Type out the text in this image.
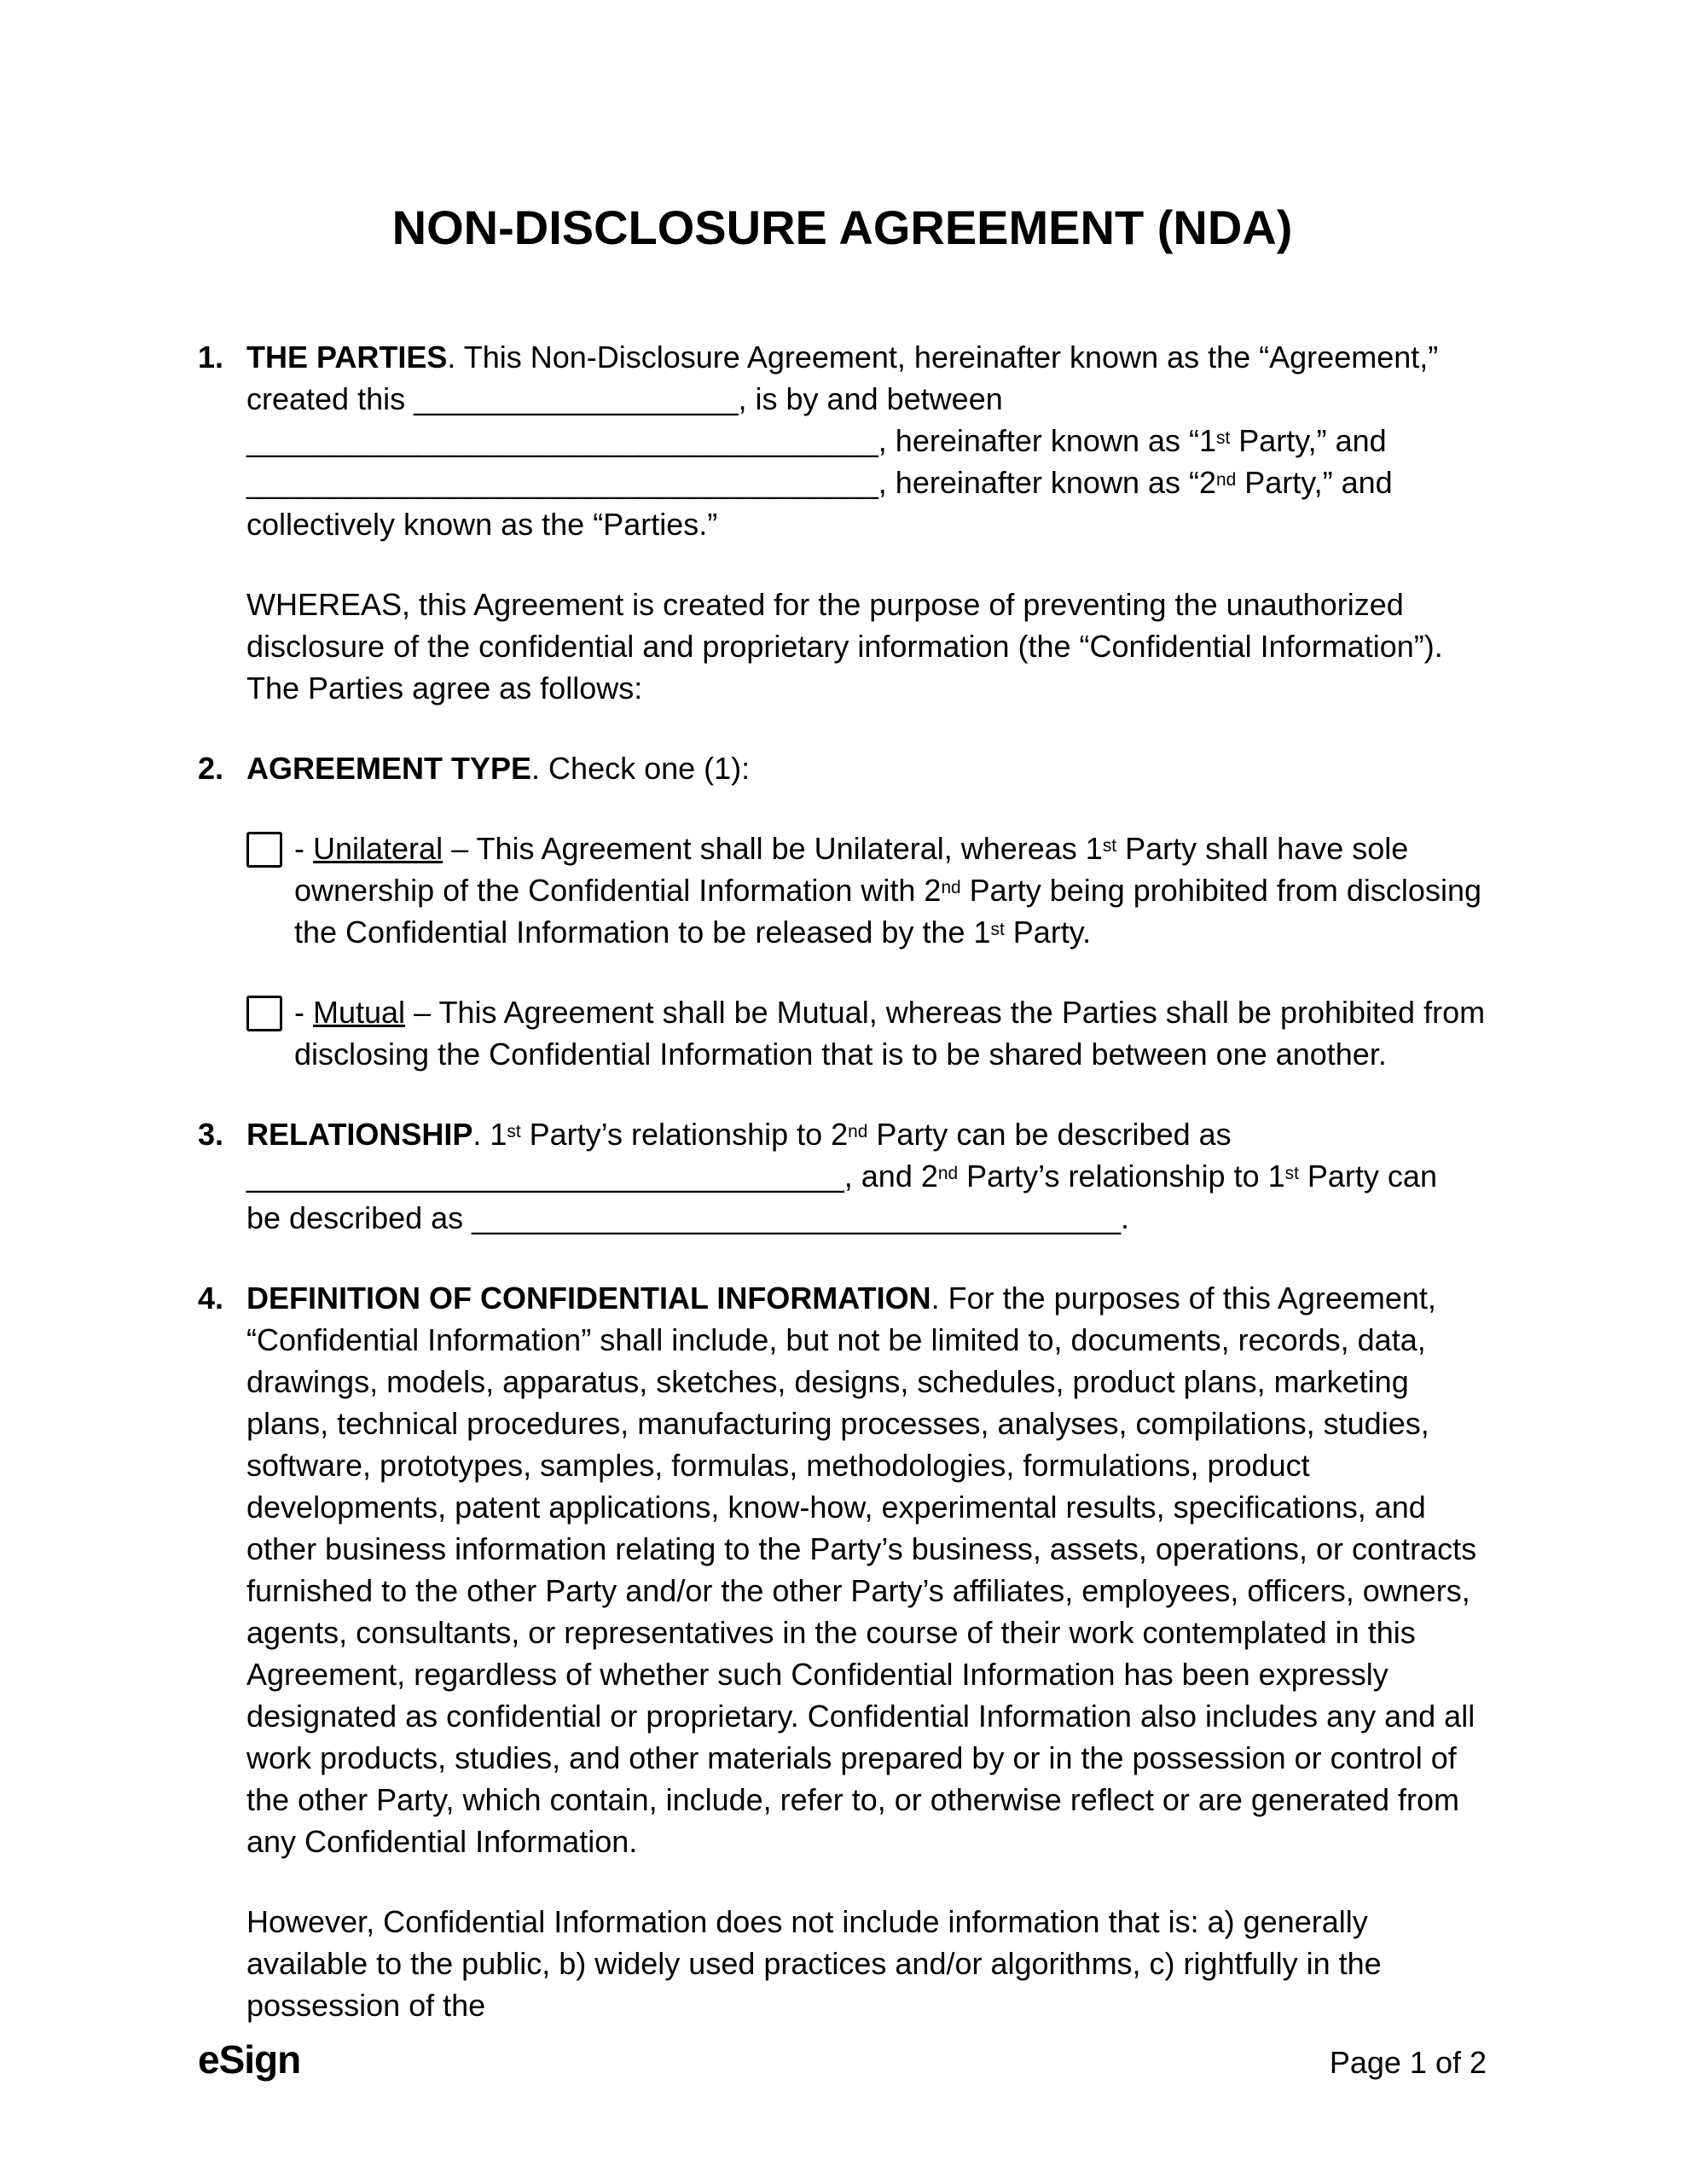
NON-DISCLOSURE AGREEMENT (NDA)
1. THE PARTIES. This Non-Disclosure Agreement, hereinafter known as the “Agreement,” created this ___________________, is by and between
_____________________________________, hereinafter known as “1st Party,” and
_____________________________________, hereinafter known as “2nd Party,” and
collectively known as the “Parties.”

WHEREAS, this Agreement is created for the purpose of preventing the unauthorized disclosure of the confidential and proprietary information (the “Confidential Information”). The Parties agree as follows:

2. AGREEMENT TYPE. Check one (1):

- Unilateral – This Agreement shall be Unilateral, whereas 1st Party shall have sole ownership of the Confidential Information with 2nd Party being prohibited from disclosing the Confidential Information to be released by the 1st Party.
- Mutual – This Agreement shall be Mutual, whereas the Parties shall be prohibited from disclosing the Confidential Information that is to be shared between one another.
3. RELATIONSHIP. 1st Party’s relationship to 2nd Party can be described as
___________________________________, and 2nd Party’s relationship to 1st Party can
be described as ______________________________________.

4. DEFINITION OF CONFIDENTIAL INFORMATION. For the purposes of this Agreement, “Confidential Information” shall include, but not be limited to, documents, records, data, drawings, models, apparatus, sketches, designs, schedules, product plans, marketing plans, technical procedures, manufacturing processes, analyses, compilations, studies, software, prototypes, samples, formulas, methodologies, formulations, product developments, patent applications, know-how, experimental results, specifications, and other business information relating to the Party’s business, assets, operations, or contracts furnished to the other Party and/or the other Party’s affiliates, employees, officers, owners, agents, consultants, or representatives in the course of their work contemplated in this Agreement, regardless of whether such Confidential Information has been expressly designated as confidential or proprietary. Confidential Information also includes any and all work products, studies, and other materials prepared by or in the possession or control of the other Party, which contain, include, refer to, or otherwise reflect or are generated from any Confidential Information.

However, Confidential Information does not include information that is: a) generally available to the public, b) widely used practices and/or algorithms, c) rightfully in the possession of the

eSign	Page 1 of 2
